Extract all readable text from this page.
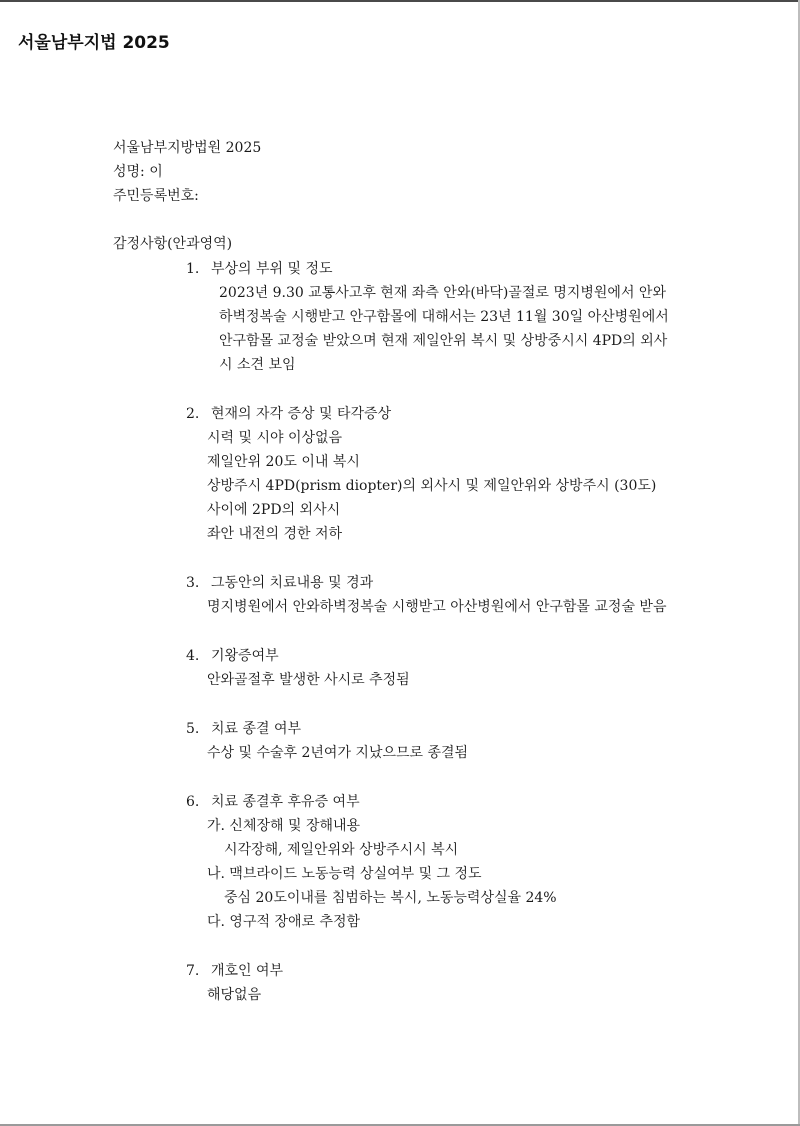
서울남부지법 2025
서울남부지방법원 2025
성명: 이
주민등록번호:
감정사항(안과영역)
1. 부상의 부위 및 정도
2023년 9.30 교통사고후 현재 좌측 안와(바닥)골절로 명지병원에서 안와
하벽정복술 시행받고 안구함몰에 대해서는 23년 11월 30일 아산병원에서
안구함몰 교정술 받았으며 현재 제일안위 복시 및 상방중시시 4PD의 외사
시 소견 보임
2. 현재의 자각 증상 및 타각증상
시력 및 시야 이상없음
제일안위 20도 이내 복시
상방주시 4PD(prism diopter)의 외사시 및 제일안위와 상방주시 (30도)
사이에 2PD의 외사시
좌안 내전의 경한 저하
3. 그동안의 치료내용 및 경과
명지병원에서 안와하벽정복술 시행받고 아산병원에서 안구함몰 교정술 받음
4. 기왕증여부
안와골절후 발생한 사시로 추정됨
5. 치료 종결 여부
수상 및 수술후 2년여가 지났으므로 종결됨
6. 치료 종결후 후유증 여부
가. 신체장해 및 장해내용
시각장해, 제일안위와 상방주시시 복시
나. 맥브라이드 노동능력 상실여부 및 그 정도
중심 20도이내를 침범하는 복시, 노동능력상실율 24%
다. 영구적 장애로 추정함
7. 개호인 여부
해당없음
